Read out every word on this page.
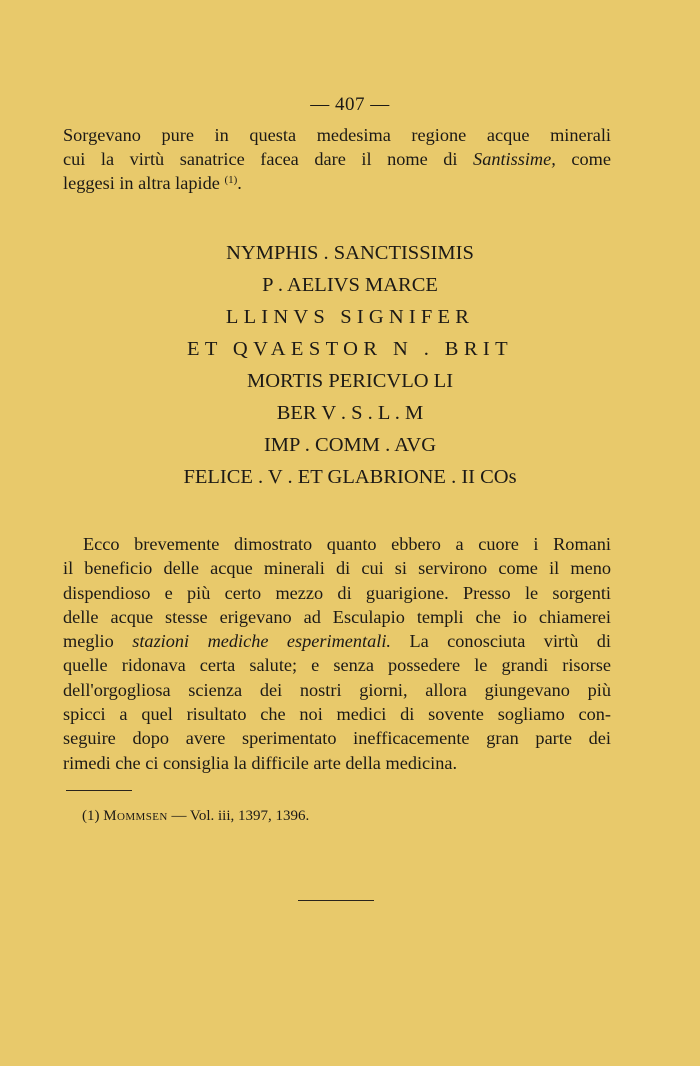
— 407 —
Sorgevano pure in questa medesima regione acque minerali
cui la virtù sanatrice facea dare il nome di Santissime, come
leggesi in altra lapide $^{(1)}$.
NYMPHIS . SANCTISSIMIS
P . AELIVS MARCE
LLINVS SIGNIFER
ET QVAESTOR N . BRIT
MORTIS PERICVLO LI
BER V . S . L . M
IMP . COMM . AVG
FELICE . V . ET GLABRIONE . II COs
Ecco brevemente dimostrato quanto ebbero a cuore i Romani
il beneficio delle acque minerali di cui si servirono come il meno
dispendioso e più certo mezzo di guarigione. Presso le sorgenti
delle acque stesse erigevano ad Esculapio templi che io chiamerei
meglio stazioni mediche esperimentali. La conosciuta virtù di
quelle ridonava certa salute; e senza possedere le grandi risorse
dell'orgogliosa scienza dei nostri giorni, allora giungevano più
spicci a quel risultato che noi medici di sovente sogliamo con-
seguire dopo avere sperimentato inefficacemente gran parte dei
rimedi che ci consiglia la difficile arte della medicina.
(1) Mommsen — Vol. iii, 1397, 1396.
